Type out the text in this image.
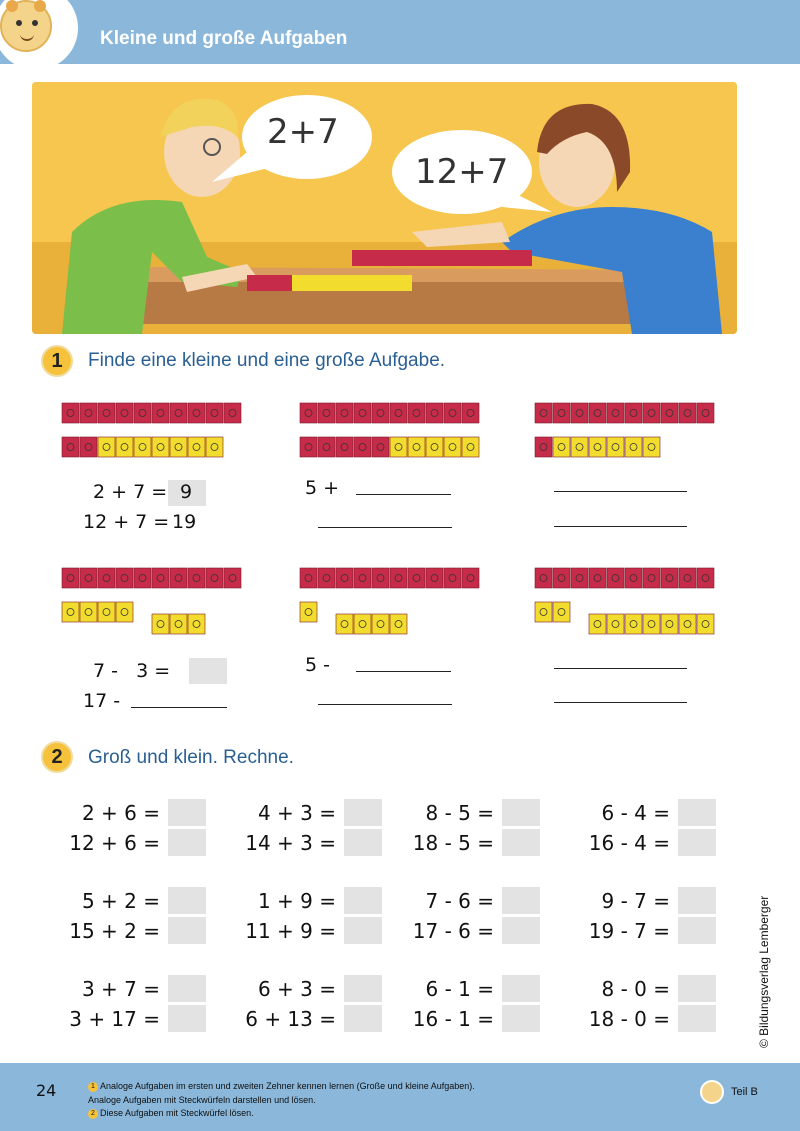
Kleine und große Aufgaben
2+7
12+7
1	Finde eine kleine und eine große Aufgabe.
2 + 7 = 9
12 + 7 = 19
5 +
7 -   3 =
17 -
5 -
2	Groß und klein. Rechne.
2 + 6 =	4 + 3 =	8 - 5 =	6 - 4 =
12 + 6 =	14 + 3 =	18 - 5 =	16 - 4 =
5 + 2 =	1 + 9 =	7 - 6 =	9 - 7 =
15 + 2 =	11 + 9 =	17 - 6 =	19 - 7 =
3 + 7 =	6 + 3 =	6 - 1 =	8 - 0 =
3 + 17 =	6 + 13 =	16 - 1 =	18 - 0 =	© Bildungsverlag Lemberger
24	1 Analoge Aufgaben im ersten und zweiten Zehner kennen lernen (Große und kleine Aufgaben).
Analoge Aufgaben mit Steckwürfeln darstellen und lösen.
2 Diese Aufgaben mit Steckwürfel lösen.
Teil B
